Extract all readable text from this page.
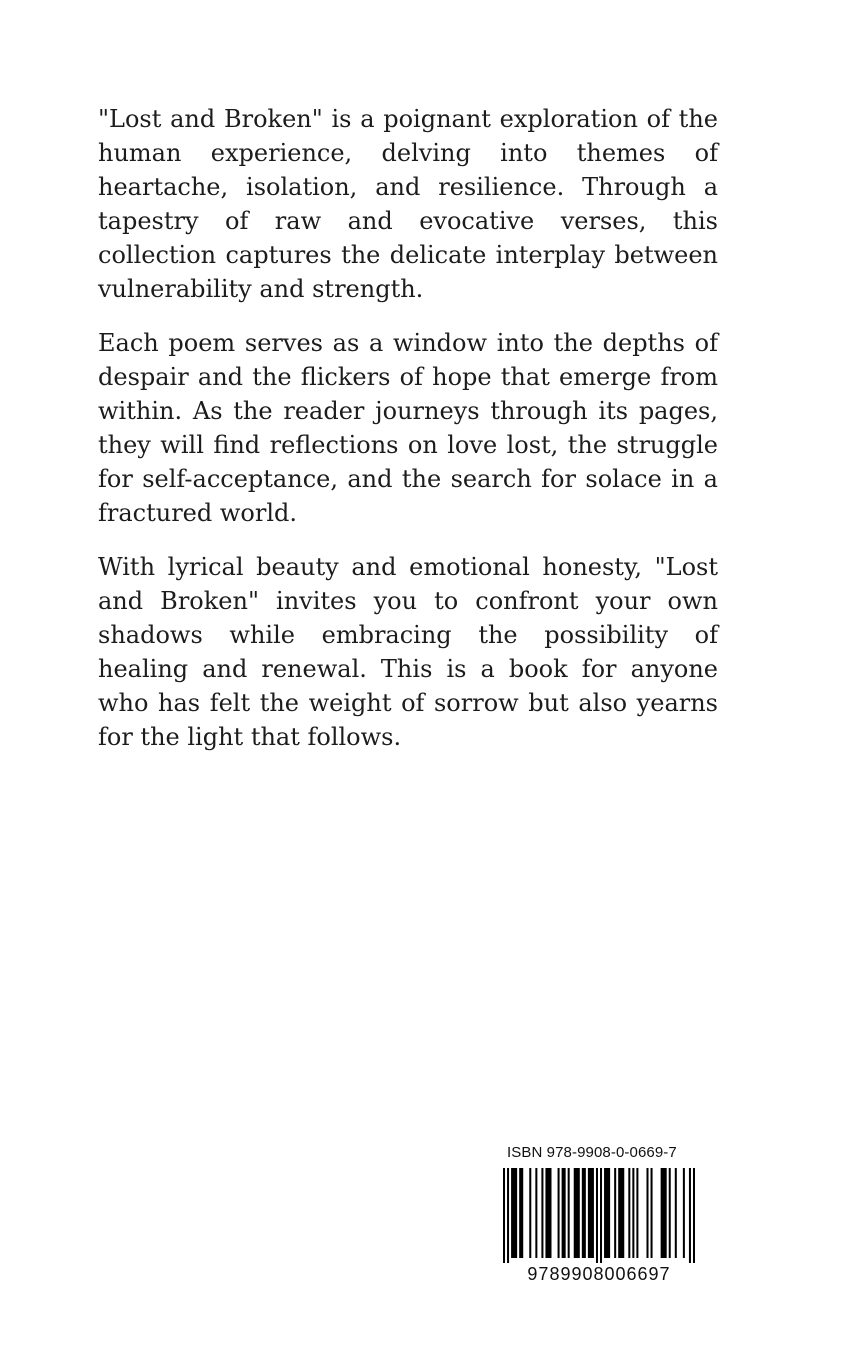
"Lost and Broken" is a poignant exploration of the human experience, delving into themes of heartache, isolation, and resilience. Through a tapestry of raw and evocative verses, this collection captures the delicate interplay between vulnerability and strength.

Each poem serves as a window into the depths of despair and the flickers of hope that emerge from within. As the reader journeys through its pages, they will find reflections on love lost, the struggle for self-acceptance, and the search for solace in a fractured world.

With lyrical beauty and emotional honesty, "Lost and Broken" invites you to confront your own shadows while embracing the possibility of healing and renewal. This is a book for anyone who has felt the weight of sorrow but also yearns for the light that follows.

ISBN 978-9908-0-0669-7
9789908006697
